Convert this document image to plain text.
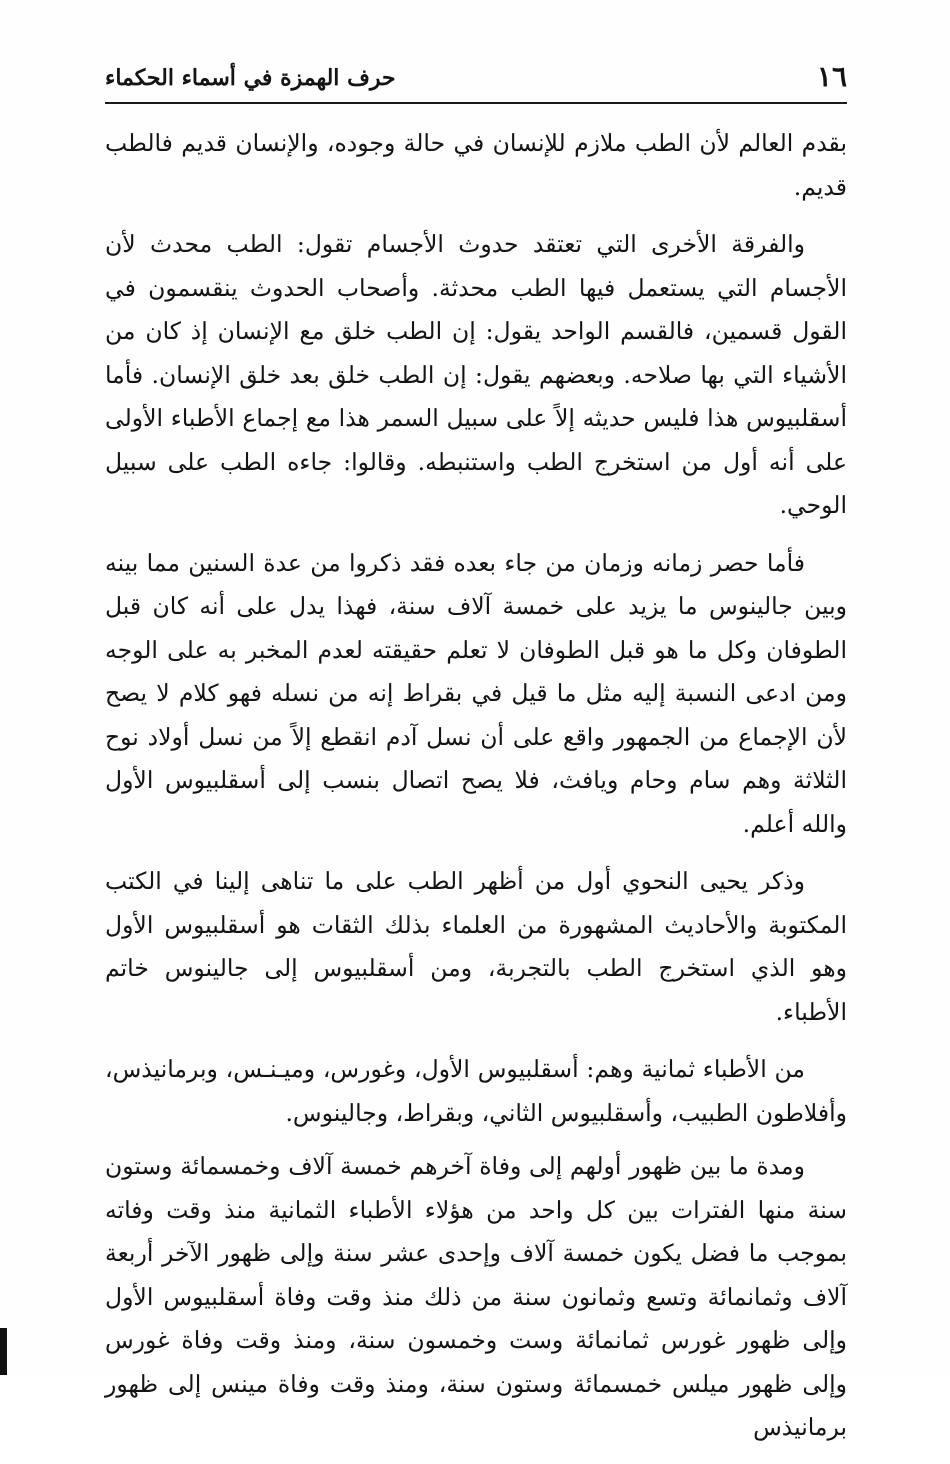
١٦
حرف الهمزة في أسماء الحكماء

بقدم العالم لأن الطب ملازم للإنسان في حالة وجوده، والإنسان قديم فالطب قديم.

والفرقة الأخرى التي تعتقد حدوث الأجسام تقول: الطب محدث لأن الأجسام التي يستعمل فيها الطب محدثة. وأصحاب الحدوث ينقسمون في القول قسمين، فالقسم الواحد يقول: إن الطب خلق مع الإنسان إذ كان من الأشياء التي بها صلاحه. وبعضهم يقول: إن الطب خلق بعد خلق الإنسان. فأما أسقلبيوس هذا فليس حديثه إلاً على سبيل السمر هذا مع إجماع الأطباء الأولى على أنه أول من استخرج الطب واستنبطه. وقالوا: جاءه الطب على سبيل الوحي.

فأما حصر زمانه وزمان من جاء بعده فقد ذكروا من عدة السنين مما بينه وبين جالينوس ما يزيد على خمسة آلاف سنة، فهذا يدل على أنه كان قبل الطوفان وكل ما هو قبل الطوفان لا تعلم حقيقته لعدم المخبر به على الوجه ومن ادعى النسبة إليه مثل ما قيل في بقراط إنه من نسله فهو كلام لا يصح لأن الإجماع من الجمهور واقع على أن نسل آدم انقطع إلاً من نسل أولاد نوح الثلاثة وهم سام وحام ويافث، فلا يصح اتصال بنسب إلى أسقلبيوس الأول والله أعلم.

وذكر يحيى النحوي أول من أظهر الطب على ما تناهى إلينا في الكتب المكتوبة والأحاديث المشهورة من العلماء بذلك الثقات هو أسقلبيوس الأول وهو الذي استخرج الطب بالتجربة، ومن أسقلبيوس إلى جالينوس خاتم الأطباء.

من الأطباء ثمانية وهم: أسقلبيوس الأول، وغورس، وميـنـس، وبرمانيذس، وأفلاطون الطبيب، وأسقلبيوس الثاني، وبقراط، وجالينوس.

ومدة ما بين ظهور أولهم إلى وفاة آخرهم خمسة آلاف وخمسمائة وستون سنة منها الفترات بين كل واحد من هؤلاء الأطباء الثمانية منذ وقت وفاته بموجب ما فضل يكون خمسة آلاف وإحدى عشر سنة وإلى ظهور الآخر أربعة آلاف وثمانمائة وتسع وثمانون سنة من ذلك منذ وقت وفاة أسقلبيوس الأول وإلى ظهور غورس ثمانمائة وست وخمسون سنة، ومنذ وقت وفاة غورس وإلى ظهور ميلس خمسمائة وستون سنة، ومنذ وقت وفاة مينس إلى ظهور برمانيذس
